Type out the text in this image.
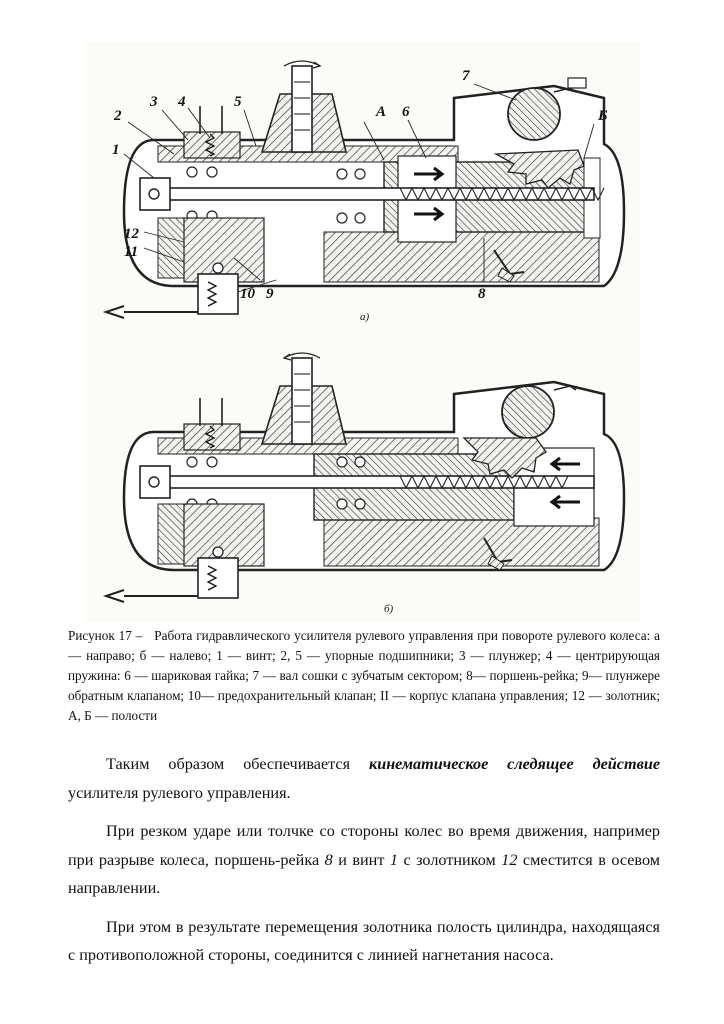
1
2
3 4	5
6
7
8
9
10
11
12
А	Б
а)
б)

Рисунок 17 – Работа гидравлического усилителя рулевого управления при повороте рулевого колеса: а — направо; б — налево; 1 — винт; 2, 5 — упорные подшипники; 3 — плунжер; 4 — центрирующая пружина: 6 — шариковая гайка; 7 — вал сошки с зубчатым сектором; 8— поршень-рейка; 9— плунжере обратным клапаном; 10— предохранительный клапан; II — корпус клапана управления; 12 — золотник; А, Б — полости

Таким образом обеспечивается кинематическое следящее действие усилителя рулевого управления.

При резком ударе или толчке со стороны колес во время движения, например при разрыве колеса, поршень-рейка 8 и винт 1 с золотником 12 сместится в осевом направлении.

При этом в результате перемещения золотника полость цилиндра, находящаяся с противоположной стороны, соединится с линией нагнетания насоса.
